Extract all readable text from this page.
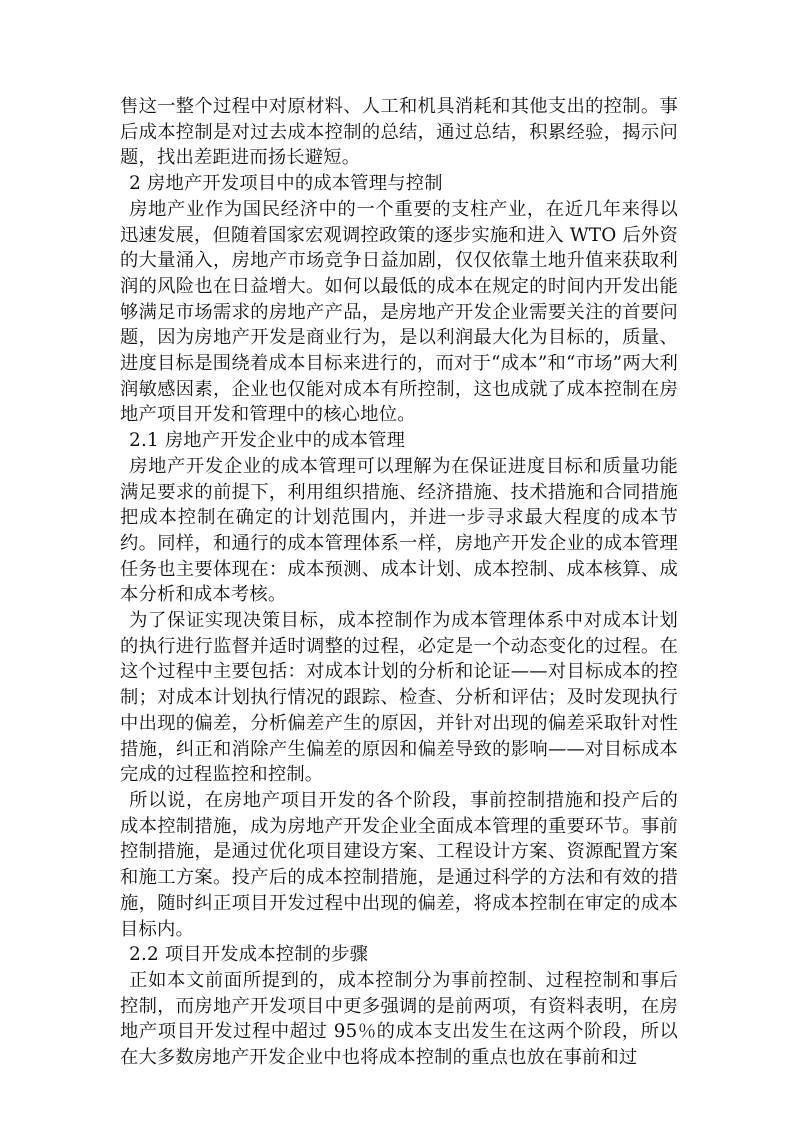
售这一整个过程中对原材料、人工和机具消耗和其他支出的控制。事后成本控制是对过去成本控制的总结，通过总结，积累经验，揭示问题，找出差距进而扬长避短。

2 房地产开发项目中的成本管理与控制

房地产业作为国民经济中的一个重要的支柱产业，在近几年来得以迅速发展，但随着国家宏观调控政策的逐步实施和进入 WTO 后外资的大量涌入，房地产市场竞争日益加剧，仅仅依靠土地升值来获取利润的风险也在日益增大。如何以最低的成本在规定的时间内开发出能够满足市场需求的房地产产品，是房地产开发企业需要关注的首要问题，因为房地产开发是商业行为，是以利润最大化为目标的，质量、进度目标是围绕着成本目标来进行的，而对于“成本”和“市场”两大利润敏感因素，企业也仅能对成本有所控制，这也成就了成本控制在房地产项目开发和管理中的核心地位。

2.1 房地产开发企业中的成本管理

房地产开发企业的成本管理可以理解为在保证进度目标和质量功能满足要求的前提下，利用组织措施、经济措施、技术措施和合同措施把成本控制在确定的计划范围内，并进一步寻求最大程度的成本节约。同样，和通行的成本管理体系一样，房地产开发企业的成本管理任务也主要体现在：成本预测、成本计划、成本控制、成本核算、成本分析和成本考核。

为了保证实现决策目标，成本控制作为成本管理体系中对成本计划的执行进行监督并适时调整的过程，必定是一个动态变化的过程。在这个过程中主要包括：对成本计划的分析和论证——对目标成本的控制；对成本计划执行情况的跟踪、检查、分析和评估；及时发现执行中出现的偏差，分析偏差产生的原因，并针对出现的偏差采取针对性措施，纠正和消除产生偏差的原因和偏差导致的影响——对目标成本完成的过程监控和控制。

所以说，在房地产项目开发的各个阶段，事前控制措施和投产后的成本控制措施，成为房地产开发企业全面成本管理的重要环节。事前控制措施，是通过优化项目建设方案、工程设计方案、资源配置方案和施工方案。投产后的成本控制措施，是通过科学的方法和有效的措施，随时纠正项目开发过程中出现的偏差，将成本控制在审定的成本目标内。

2.2 项目开发成本控制的步骤

正如本文前面所提到的，成本控制分为事前控制、过程控制和事后控制，而房地产开发项目中更多强调的是前两项，有资料表明，在房地产项目开发过程中超过 95％的成本支出发生在这两个阶段，所以在大多数房地产开发企业中也将成本控制的重点也放在事前和过
